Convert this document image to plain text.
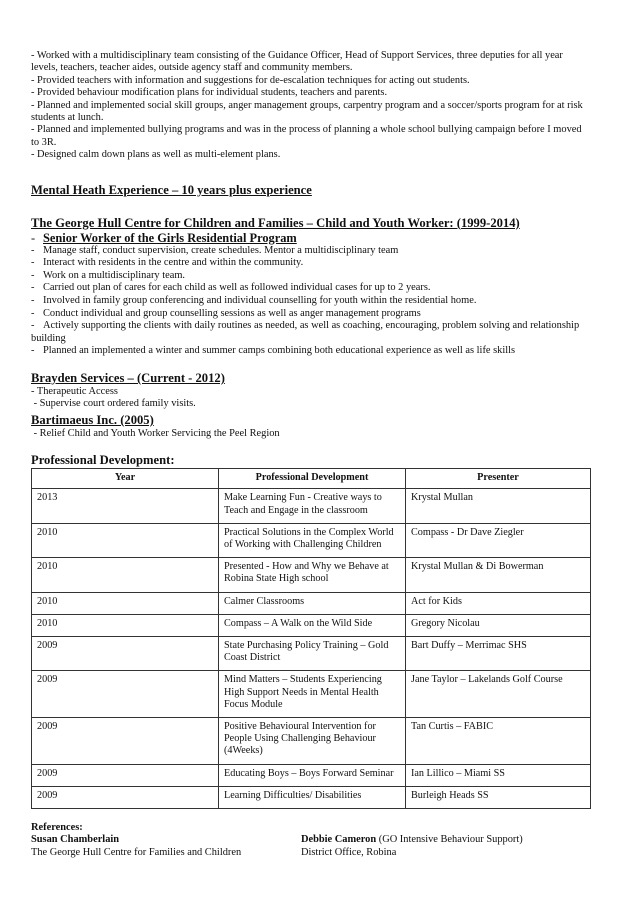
- Worked with a multidisciplinary team consisting of the Guidance Officer, Head of Support Services, three deputies for all year
levels, teachers, teacher aides, outside agency staff and community members.
- Provided teachers with information and suggestions for de-escalation techniques for acting out students.
- Provided behaviour modification plans for individual students, teachers and parents.
- Planned and implemented social skill groups, anger management groups, carpentry program and a soccer/sports program for at risk
students at lunch.
- Planned and implemented bullying programs and was in the process of planning a whole school bullying campaign before I moved
to 3R.
- Designed calm down plans as well as multi-element plans.
Mental Heath Experience – 10 years plus experience
The George Hull Centre for Children and Families – Child and Youth Worker: (1999-2014)
- Senior Worker of the Girls Residential Program
- Manage staff, conduct supervision, create schedules. Mentor a multidisciplinary team
- Interact with residents in the centre and within the community.
- Work on a multidisciplinary team.
- Carried out plan of cares for each child as well as followed individual cases for up to 2 years.
- Involved in family group conferencing and individual counselling for youth within the residential home.
- Conduct individual and group counselling sessions as well as anger management programs
- Actively supporting the clients with daily routines as needed, as well as coaching, encouraging, problem solving and relationship
building
- Planned an implemented a winter and summer camps combining both educational experience as well as life skills
Brayden Services – (Current - 2012)
- Therapeutic Access
- Supervise court ordered family visits.
Bartimaeus Inc. (2005)
- Relief Child and Youth Worker Servicing the Peel Region
Professional Development:
Year	Professional Development	Presenter
2013	Make Learning Fun - Creative ways to Teach and Engage in the classroom	Krystal Mullan
2010	Practical Solutions in the Complex World of Working with Challenging Children	Compass - Dr Dave Ziegler
2010	Presented - How and Why we Behave at Robina State High school	Krystal Mullan & Di Bowerman
2010	Calmer Classrooms	Act for Kids
2010	Compass – A Walk on the Wild Side	Gregory Nicolau
2009	State Purchasing Policy Training – Gold Coast District	Bart Duffy – Merrimac SHS
2009	Mind Matters – Students Experiencing High Support Needs in Mental Health Focus Module	Jane Taylor – Lakelands Golf Course
2009	Positive Behavioural Intervention for People Using Challenging Behaviour (4Weeks)	Tan Curtis – FABIC
2009	Educating Boys – Boys Forward Seminar	Ian Lillico – Miami SS
2009	Learning Difficulties/ Disabilities	Burleigh Heads SS
References:
Susan Chamberlain
The George Hull Centre for Families and Children
Debbie Cameron (GO Intensive Behaviour Support)
District Office, Robina
